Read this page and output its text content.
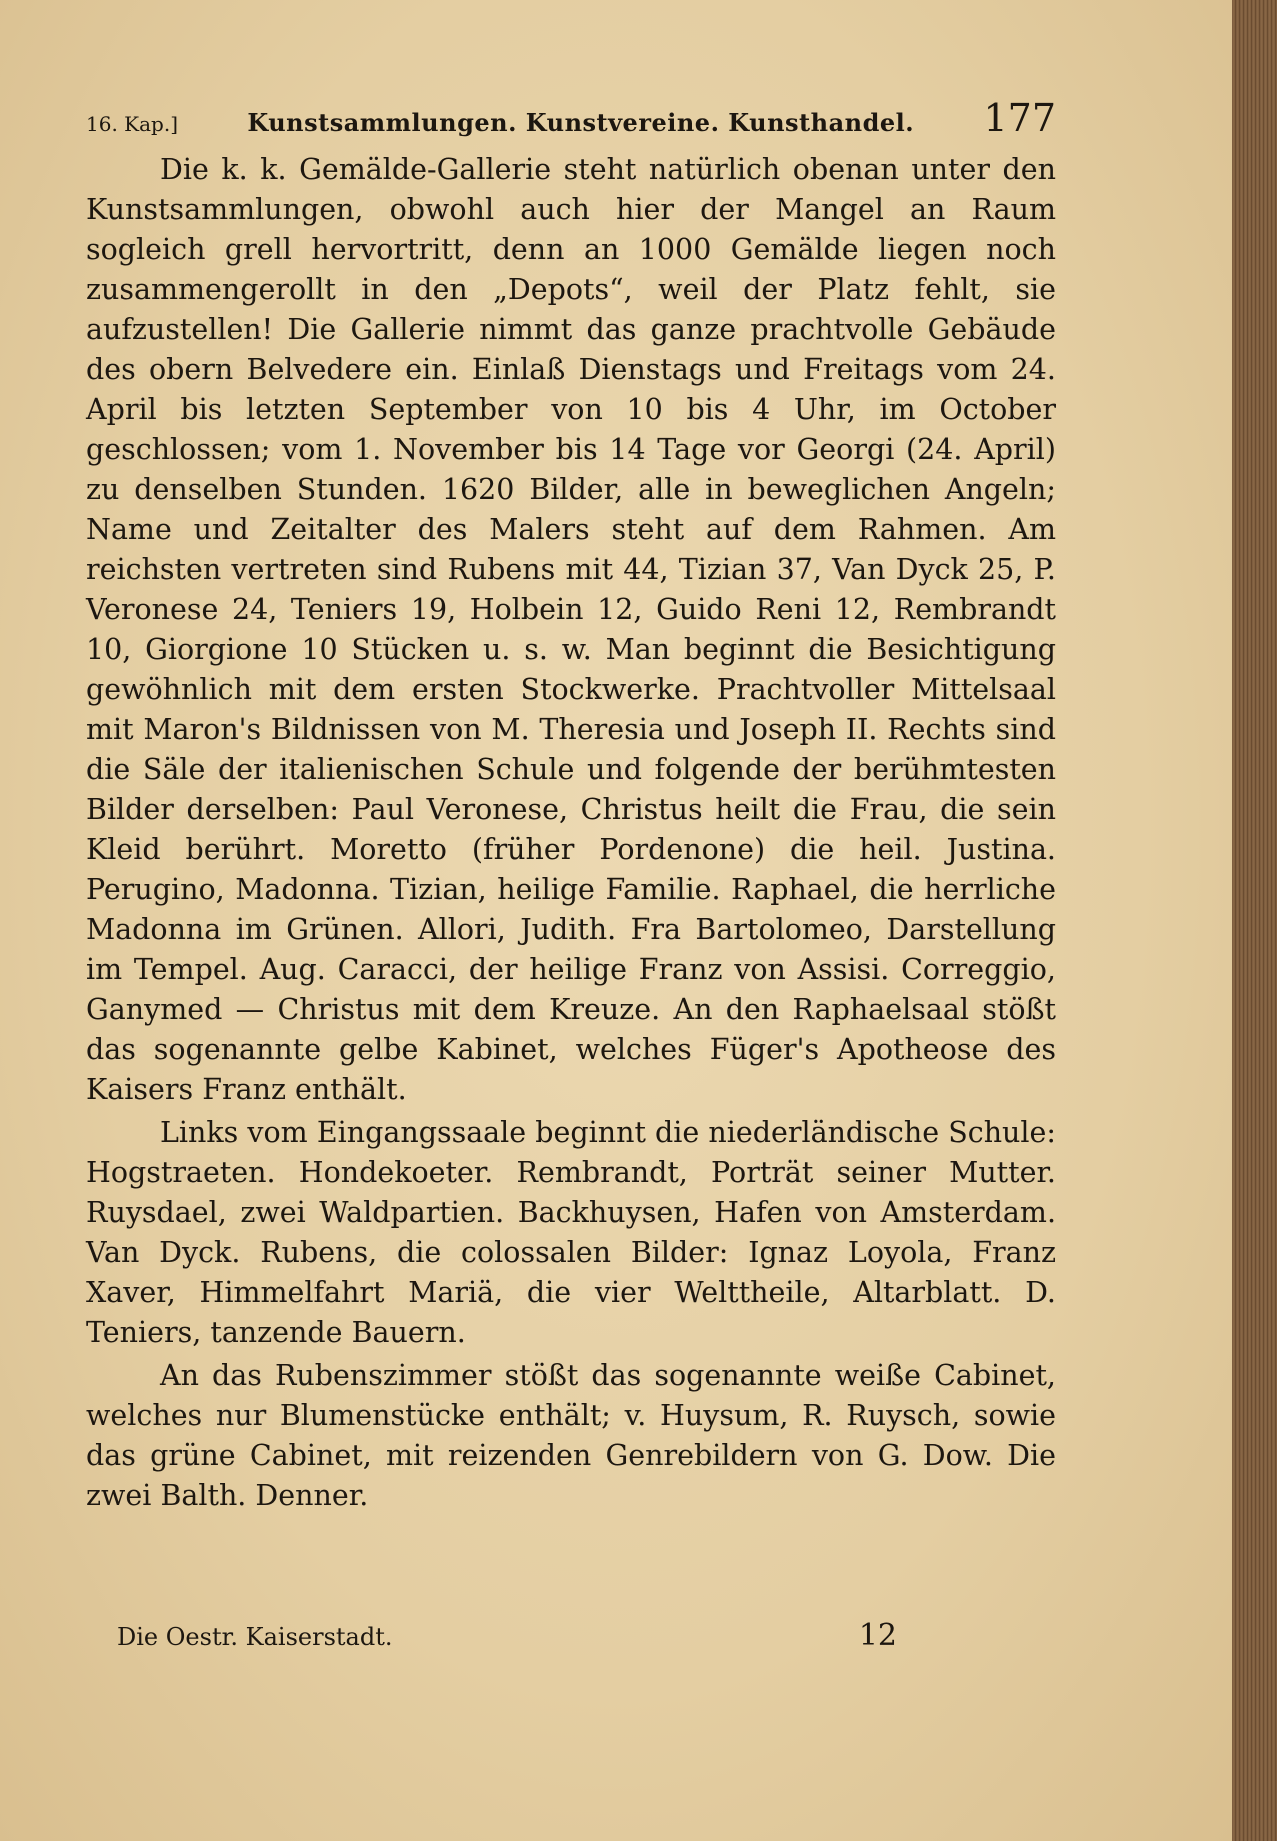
16. Kap.]	Kunstsammlungen. Kunstvereine. Kunsthandel. 177

Die k. k. Gemälde-Gallerie steht natürlich obenan unter den Kunstsammlungen, obwohl auch hier der Mangel an Raum sogleich grell hervortritt, denn an 1000 Gemälde liegen noch zusammengerollt in den „Depots“, weil der Platz fehlt, sie aufzustellen! Die Gallerie nimmt das ganze prachtvolle Gebäude des obern Belvedere ein. Einlaß Dienstags und Freitags vom 24. April bis letzten September von 10 bis 4 Uhr, im October geschlossen; vom 1. November bis 14 Tage vor Georgi (24. April) zu denselben Stunden. 1620 Bilder, alle in beweglichen Angeln; Name und Zeitalter des Malers steht auf dem Rahmen. Am reichsten vertreten sind Rubens mit 44, Tizian 37, Van Dyck 25, P. Veronese 24, Teniers 19, Holbein 12, Guido Reni 12, Rembrandt 10, Giorgione 10 Stücken u. s. w. Man beginnt die Besichtigung gewöhnlich mit dem ersten Stockwerke. Prachtvoller Mittelsaal mit Maron's Bildnissen von M. Theresia und Joseph II. Rechts sind die Säle der italienischen Schule und folgende der berühmtesten Bilder derselben: Paul Veronese, Christus heilt die Frau, die sein Kleid berührt. Moretto (früher Pordenone) die heil. Justina. Perugino, Madonna. Tizian, heilige Familie. Raphael, die herrliche Madonna im Grünen. Allori, Judith. Fra Bartolomeo, Darstellung im Tempel. Aug. Caracci, der heilige Franz von Assisi. Correggio, Ganymed — Christus mit dem Kreuze. An den Raphaelsaal stößt das sogenannte gelbe Kabinet, welches Füger's Apotheose des Kaisers Franz enthält.

Links vom Eingangssaale beginnt die niederländische Schule: Hogstraeten. Hondekoeter. Rembrandt, Porträt seiner Mutter. Ruysdael, zwei Waldpartien. Backhuysen, Hafen von Amsterdam. Van Dyck. Rubens, die colossalen Bilder: Ignaz Loyola, Franz Xaver, Himmelfahrt Mariä, die vier Welttheile, Altarblatt. D. Teniers, tanzende Bauern.

An das Rubenszimmer stößt das sogenannte weiße Cabinet, welches nur Blumenstücke enthält; v. Huysum, R. Ruysch, sowie das grüne Cabinet, mit reizenden Genrebildern von G. Dow. Die zwei Balth. Denner.

Die Oestr. Kaiserstadt.	12
